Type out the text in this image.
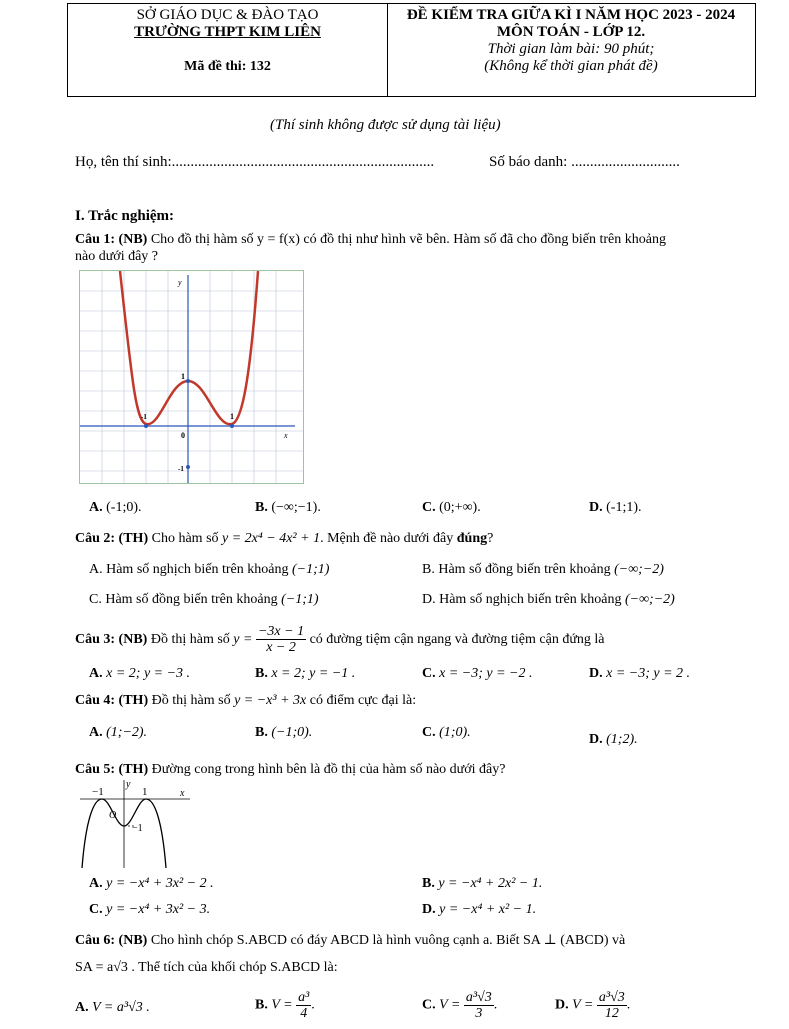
SỞ GIÁO DỤC & ĐÀO TẠO
TRƯỜNG THPT KIM LIÊN
Mã đề thi: 132
ĐỀ KIỂM TRA GIỮA KÌ I NĂM HỌC 2023 - 2024
MÔN TOÁN - LỚP 12.
Thời gian làm bài: 90 phút;
(Không kể thời gian phát đề)
(Thí sinh không được sử dụng tài liệu)
Họ, tên thí sinh:......................................................................	Số báo danh: .............................
I. Trắc nghiệm:
Câu 1: (NB) Cho đồ thị hàm số y = f(x) có đồ thị như hình vẽ bên. Hàm số đã cho đồng biến trên khoảng
nào dưới đây ?
y
x
0
1
-1	1
-1
A. (-1;0).	B. (−∞;−1).	C. (0;+∞).	D. (-1;1).
Câu 2: (TH) Cho hàm số y = 2x⁴ − 4x² + 1. Mệnh đề nào dưới đây đúng?
A. Hàm số nghịch biến trên khoảng (−1;1)	B. Hàm số đồng biến trên khoảng (−∞;−2)
C. Hàm số đồng biến trên khoảng (−1;1)	D. Hàm số nghịch biến trên khoảng (−∞;−2)
Câu 3: (NB) Đồ thị hàm số $y = \frac{-3x - 1}{x - 2}$ có đường tiệm cận ngang và đường tiệm cận đứng là
A. x = 2; y = −3 .	B. x = 2; y = −1 .	C. x = −3; y = −2 .	D. x = −3; y = 2 .
Câu 4: (TH) Đồ thị hàm số y = −x³ + 3x có điểm cực đại là:
A. (1;−2).	B. (−1;0).	C. (1;0).	D. (1;2).
Câu 5: (TH) Đường cong trong hình bên là đồ thị của hàm số nào dưới đây?
y
x
−1	1
O
−1
A. y = −x⁴ + 3x² − 2 .	B. y = −x⁴ + 2x² − 1.
C. y = −x⁴ + 3x² − 3.	D. y = −x⁴ + x² − 1.
Câu 6: (NB) Cho hình chóp S.ABCD có đáy ABCD là hình vuông cạnh a. Biết SA ⊥ (ABCD) và
SA = a√3 . Thể tích của khối chóp S.ABCD là:
A. V = a³√3 .	B. $V = \frac{\text{a³}}{4}$ .	C. $V = \frac{\text{a³√3}}{3}$ .	D. $V = \frac{\text{a³√3}}{12}$ .
